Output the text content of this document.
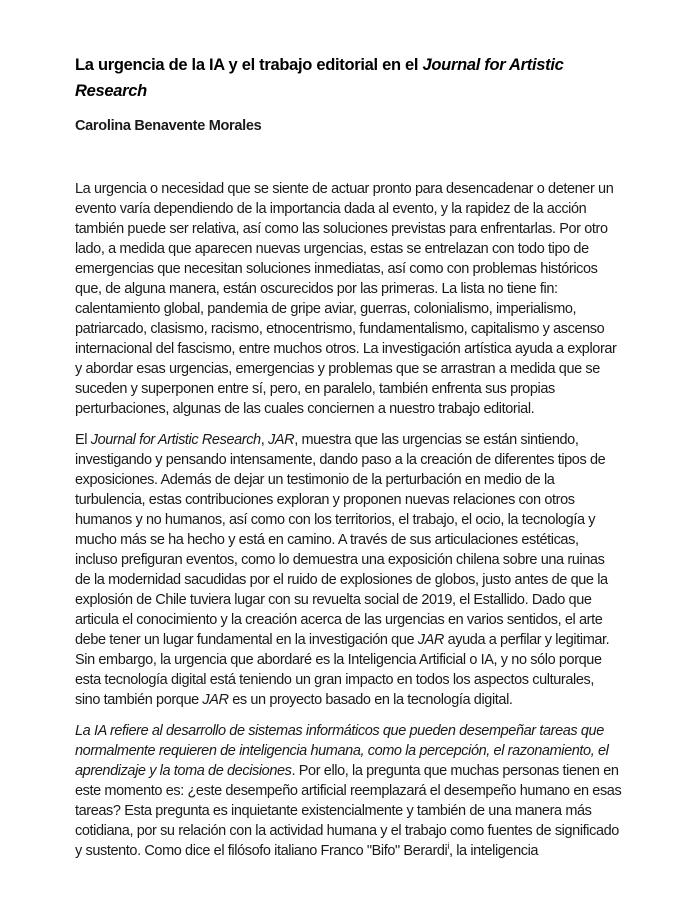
La urgencia de la IA y el trabajo editorial en el Journal for Artistic Research

Carolina Benavente Morales

La urgencia o necesidad que se siente de actuar pronto para desencadenar o detener un evento varía dependiendo de la importancia dada al evento, y la rapidez de la acción también puede ser relativa, así como las soluciones previstas para enfrentarlas. Por otro lado, a medida que aparecen nuevas urgencias, estas se entrelazan con todo tipo de emergencias que necesitan soluciones inmediatas, así como con problemas históricos que, de alguna manera, están oscurecidos por las primeras. La lista no tiene fin: calentamiento global, pandemia de gripe aviar, guerras, colonialismo, imperialismo, patriarcado, clasismo, racismo, etnocentrismo, fundamentalismo, capitalismo y ascenso internacional del fascismo, entre muchos otros. La investigación artística ayuda a explorar y abordar esas urgencias, emergencias y problemas que se arrastran a medida que se suceden y superponen entre sí, pero, en paralelo, también enfrenta sus propias perturbaciones, algunas de las cuales conciernen a nuestro trabajo editorial.

El Journal for Artistic Research, JAR, muestra que las urgencias se están sintiendo, investigando y pensando intensamente, dando paso a la creación de diferentes tipos de exposiciones. Además de dejar un testimonio de la perturbación en medio de la turbulencia, estas contribuciones exploran y proponen nuevas relaciones con otros humanos y no humanos, así como con los territorios, el trabajo, el ocio, la tecnología y mucho más se ha hecho y está en camino. A través de sus articulaciones estéticas, incluso prefiguran eventos, como lo demuestra una exposición chilena sobre una ruinas de la modernidad sacudidas por el ruido de explosiones de globos, justo antes de que la explosión de Chile tuviera lugar con su revuelta social de 2019, el Estallido. Dado que articula el conocimiento y la creación acerca de las urgencias en varios sentidos, el arte debe tener un lugar fundamental en la investigación que JAR ayuda a perfilar y legitimar. Sin embargo, la urgencia que abordaré es la Inteligencia Artificial o IA, y no sólo porque esta tecnología digital está teniendo un gran impacto en todos los aspectos culturales, sino también porque JAR es un proyecto basado en la tecnología digital.

La IA refiere al desarrollo de sistemas informáticos que pueden desempeñar tareas que normalmente requieren de inteligencia humana, como la percepción, el razonamiento, el aprendizaje y la toma de decisiones. Por ello, la pregunta que muchas personas tienen en este momento es: ¿este desempeño artificial reemplazará el desempeño humano en esas tareas? Esta pregunta es inquietante existencialmente y también de una manera más cotidiana, por su relación con la actividad humana y el trabajo como fuentes de significado y sustento. Como dice el filósofo italiano Franco "Bifo" Berardi$^i$, la inteligencia
